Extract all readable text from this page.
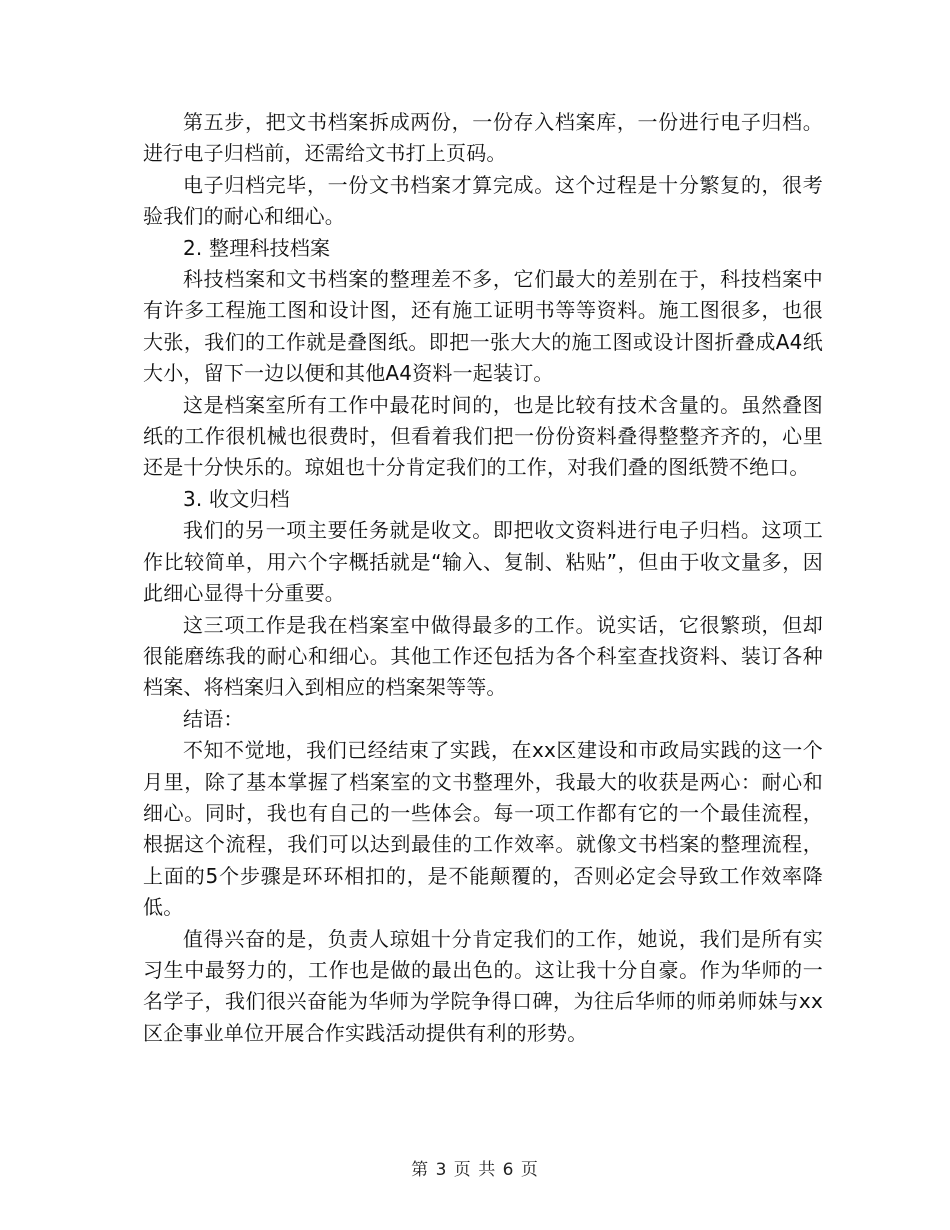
第五步，把文书档案拆成两份，一份存入档案库，一份进行电子归档。进行电子归档前，还需给文书打上页码。

电子归档完毕，一份文书档案才算完成。这个过程是十分繁复的，很考验我们的耐心和细心。

2. 整理科技档案

科技档案和文书档案的整理差不多，它们最大的差别在于，科技档案中有许多工程施工图和设计图，还有施工证明书等等资料。施工图很多，也很大张，我们的工作就是叠图纸。即把一张大大的施工图或设计图折叠成A4纸大小，留下一边以便和其他A4资料一起装订。

这是档案室所有工作中最花时间的，也是比较有技术含量的。虽然叠图纸的工作很机械也很费时，但看着我们把一份份资料叠得整整齐齐的，心里还是十分快乐的。琼姐也十分肯定我们的工作，对我们叠的图纸赞不绝口。

3. 收文归档

我们的另一项主要任务就是收文。即把收文资料进行电子归档。这项工作比较简单，用六个字概括就是“输入、复制、粘贴”，但由于收文量多，因此细心显得十分重要。

这三项工作是我在档案室中做得最多的工作。说实话，它很繁琐，但却很能磨练我的耐心和细心。其他工作还包括为各个科室查找资料、装订各种档案、将档案归入到相应的档案架等等。

结语：

不知不觉地，我们已经结束了实践，在xx区建设和市政局实践的这一个月里，除了基本掌握了档案室的文书整理外，我最大的收获是两心：耐心和细心。同时，我也有自己的一些体会。每一项工作都有它的一个最佳流程，根据这个流程，我们可以达到最佳的工作效率。就像文书档案的整理流程，上面的5个步骤是环环相扣的，是不能颠覆的，否则必定会导致工作效率降低。

值得兴奋的是，负责人琼姐十分肯定我们的工作，她说，我们是所有实习生中最努力的，工作也是做的最出色的。这让我十分自豪。作为华师的一名学子，我们很兴奋能为华师为学院争得口碑，为往后华师的师弟师妹与xx区企事业单位开展合作实践活动提供有利的形势。

第 3 页 共 6 页
